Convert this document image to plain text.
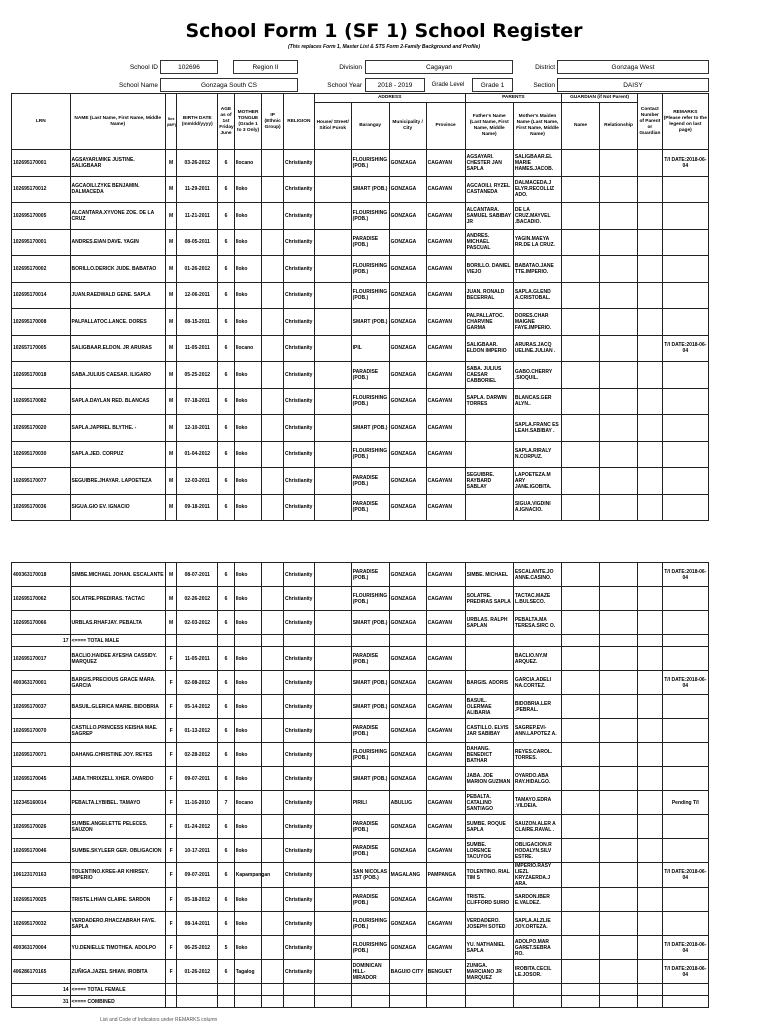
School Form 1 (SF 1) School Register
(This replaces Form 1, Master List & STS Form 2-Family Background and Profile)
School ID	102696	Region II	Division	Cagayan	District	Gonzaga West
School Name	Gonzaga South CS	School Year	2018 - 2019	Grade Level	Grade 1	Section	DAISY
LRN	NAME (Last Name, First Name, Middle Name)	Sex (M/F)	BIRTH DATE (mm/dd/yyyy)	AGE as of 1st Friday June	MOTHER TONGUE (Grade 1 to 3 Only)	IP (Ethnic Group)	RELIGION	ADDRESS				PARENTS		GUARDIAN (if Not Parent)		Contact Number of Parent or Guardian	REMARKS
(Please refer to the legend on last page)

								House/ Street/ Sitio/ Purok	Barangay	Municipality / City	Province	Father's Name (Last Name, First Name, Middle Name)	Mother's Maiden Name (Last Name, First Name, Middle Name)	Name	Relationship		
102695170001	AGSAYARI.MIKE JUSTINE. SALIGBAAR	M	03-26-2012	6	Ilocano		Christianity		FLOURISHING (POB.)	GONZAGA	CAGAYAN	AGSAYARI. CHESTER JAN SAPLA	SALIGBAAR.EL MARIE HAMES.JACOB.				T/I DATE:2018-06-04
102695170012	AGCAOILI.ZYKE BENJAMIN. DALMACEDA	M	11-29-2011	6	Iloko		Christianity		SMART (POB.)	GONZAGA	CAGAYAN	AGCAOILI. RYZEL CASTANEDA	DALMACEDA.J ELYR.RECOLLIZ ADO.				
102695170005	ALCANTARA.XYVONE ZOE. DE LA CRUZ	M	11-21-2011	6	Iloko		Christianity		FLOURISHING (POB.)	GONZAGA	CAGAYAN	ALCANTARA. SAMUEL SABIBAY JR	DE LA CRUZ.MAYVEL .BACADIO.				
102695170001	ANDRES.EIAN DAVE. YAGIN	M	08-05-2011	6	Iloko		Christianity		PARADISE (POB.)	GONZAGA	CAGAYAN	ANDRES. MICHAEL PASCUAL	YAGIN.MAEYA RR.DE LA CRUZ.				
102695170002	BORILLO.DERICK JUDE. BABATAO	M	01-26-2012	6	Iloko		Christianity		FLOURISHING (POB.)	GONZAGA	CAGAYAN	BORILLO. DANIEL VIEJO	BABATAO.JANE TTE.IMPERIO.				
102695170014	JUAN.RAEDWALD GENE. SAPLA	M	12-06-2011	6	Iloko		Christianity		FLOURISHING (POB.)	GONZAGA	CAGAYAN	JUAN. RONALD BECERRAL	SAPLA.GLEND A.CRISTOBAL.				
102695170008	PALPALLATOC.LANCE. DORES	M	08-15-2011	6	Iloko		Christianity		SMART (POB.)	GONZAGA	CAGAYAN	PALPALLATOC. CHARVINE GARMA	DORES.CHAR MAIGNE FAYE.IMPERIO.				
102657170005	SALIGBAAR.ELDON. JR ARURAS	M	11-05-2011	6	Ilocano		Christianity		IPIL	GONZAGA	CAGAYAN	SALIGBAAR. ELDON IMPERIO	ARURAS.JACQ UELINE.JULIAN .				T/I DATE:2018-06-04
102695170018	SABA.JULIUS CAESAR. ILIGARO	M	05-25-2012	6	Iloko		Christianity		PARADISE (POB.)	GONZAGA	CAGAYAN	SABA. JULIUS CAESAR CABBORIEL	GABO.CHERRY .SIOQUIL.				
102695170082	SAPLA.DAYLAN RED. BLANCAS	M	07-18-2011	6	Iloko		Christianity		FLOURISHING (POB.)	GONZAGA	CAGAYAN	SAPLA. DARWIN TORRES	BLANCAS.GER ALYN..				
102695170020	SAPLA.JAPRIEL BLYTHE. -	M	12-10-2011	6	Iloko		Christianity		SMART (POB.)	GONZAGA	CAGAYAN		SAPLA.FRANC ES LEAH.SABIBAY .				
102695170030	SAPLA.JED. CORPUZ	M	01-04-2012	6	Iloko		Christianity		FLOURISHING (POB.)	GONZAGA	CAGAYAN		SAPLA.RIRALY N.CORPUZ.				
102695170077	SEGUIBRE.JHAYAR. LAPOETEZA	M	12-03-2011	6	Iloko		Christianity		PARADISE (POB.)	GONZAGA	CAGAYAN	SEGUIBRE. RAYBARD SABLAY	LAPOETEZA.M ARY JANE.IGOBITA.				
102695170036	SIGUA.GIO EV. IGNACIO	M	09-18-2011	6	Iloko		Christianity		PARADISE (POB.)	GONZAGA	CAGAYAN		SIGUA.VIGDINI A.IGNACIO.				
400363170018	SIMBE.MICHAEL JOHAN. ESCALANTE	M	08-07-2011	6	Iloko		Christianity		PARADISE (POB.)	GONZAGA	CAGAYAN	SIMBE. MICHAEL	ESCALANTE.JO ANNE.CASINO.				T/I DATE:2018-06-04
102695170062	SOLATRE.PREDIRAS. TACTAC	M	02-26-2012	6	Iloko		Christianity		FLOURISHING (POB.)	GONZAGA	CAGAYAN	SOLATRE. PREDIRAS SAPLA	TACTAC.MAZE L.BULSECO.				
102695170066	URBLAS.RHAFJAY. PEBALTA	M	02-03-2012	6	Iloko		Christianity		SMART (POB.)	GONZAGA	CAGAYAN	URBLAS. RALPH SAPLAN	PEBALTA.MA TERESA.SIRC O.				
17	<==== TOTAL MALE																
102695170017	BACLIO.HAIDEE AYESHA CASSIDY. MARQUEZ	F	11-05-2011	6	Iloko		Christianity		PARADISE (POB.)	GONZAGA	CAGAYAN		BACLIO.NY.M ARQUEZ.				
400363170001	BARGIS.PRECIOUS GRACE MARA. GARCIA	F	02-08-2012	6	Iloko		Christianity		SMART (POB.)	GONZAGA	CAGAYAN	BARGIS. ADORIS	GARCIA.ADELI NA.CORTEZ.				T/I DATE:2018-06-04
102695170037	BASUIL.GLERICA MARIE. BIDOBRIA	F	05-14-2012	6	Iloko		Christianity		SMART (POB.)	GONZAGA	CAGAYAN	BASUIL. OLERMAE ALIBARIA	BIDOBRIA.LER .PEBRAL.				
102695170070	CASTILLO.PRINCESS KEISHA MAE. SAGREP	F	01-13-2012	6	Iloko		Christianity		PARADISE (POB.)	GONZAGA	CAGAYAN	CASTILLO. ELVIS JAR SABIBAY	SAGREP.EVI-ANN.LAPOTEZ A.				
102695170071	DAHANG.CHRISTINE JOY. REYES	F	02-28-2012	6	Iloko		Christianity		FLOURISHING (POB.)	GONZAGA	CAGAYAN	DAHANG. BENEDICT BATHAR	REYES.CAROL. TORRES.				
102695170045	JABA.THRIXZELL XHER. OYARDO	F	09-07-2011	6	Iloko		Christianity		SMART (POB.)	GONZAGA	CAGAYAN	JABA. JOE MARION GUZMAN	OYARDO.ABA RAY.HIDALGO.				
102345160014	PEBALTA.LYBIBEL. TAMAYO	F	11-16-2010	7	Ilocano		Christianity		PIRILI	ABULUG	CAGAYAN	PEBALTA. CATALINO SANTIAGO	TAMAYO.EDRA .VILDEIA.				Pending T/I
102695170026	SUMBE.ANGELETTE PELECES. SAUZON	F	01-24-2012	6	Iloko		Christianity		PARADISE (POB.)	GONZAGA	CAGAYAN	SUMBE. ROQUE SAPLA	SAUZON.ALER A CLAIRE.RAVAL .				
102695170046	SUMBE.SKYLEER GER. OBLIGACION	F	10-17-2011	6	Iloko		Christianity		PARADISE (POB.)	GONZAGA	CAGAYAN	SUMBE. LORENCE TACUYOG	OBLIGACION.R HODALYN.SILV ESTRE.				
106123170163	TOLENTINO.KREE-AR KHIRSEY. IMPERIO	F	09-07-2011	6	Kapampangan		Christianity		SAN NICOLAS 1ST (POB.)	MAGALANG	PAMPANGA	TOLENTINO. RIAL TIM S	IMPERIO.RASY LIEZL KRYZAERDA.J ARA.				T/I DATE:2018-06-04
102695170025	TRISTE.LHIAN CLAIRE. SARDON	F	05-18-2012	6	Iloko		Christianity		PARADISE (POB.)	GONZAGA	CAGAYAN	TRISTE. CLIFFORD SURIO	SARDON.IBER E.VALDEZ.				
102695170032	VERDADERO.RHACZABRAH FAYE. SAPLA	F	08-14-2011	6	Iloko		Christianity		FLOURISHING (POB.)	GONZAGA	CAGAYAN	VERDADERO. JOSEPH SOTED	SAPLA.ALZLIE JOY.ORTEZA.				
400363170004	YU.DENIELLE TIMOTHEA. ADOLPO	F	06-25-2012	5	Iloko		Christianity		FLOURISHING (POB.)	GONZAGA	CAGAYAN	YU. NATHANIEL SAPLA	ADOLPO.MAR GARET.SEBRA RO.				T/I DATE:2018-06-04
406286170165	ZUÑIGA.JAZEL SHIAN. IROBITA	F	01-26-2012	6	Tagalog		Christianity		DOMINICAN HILL-MIRADOR	BAGUIO CITY	BENGUET	ZUNIGA. MARCIANO JR MARQUEZ	IROBITA.CECIL LE.JOSOR.				T/I DATE:2018-06-04
14	<==== TOTAL FEMALE																
31	<==== COMBINED																
List and Code of Indicators under REMARKS column
